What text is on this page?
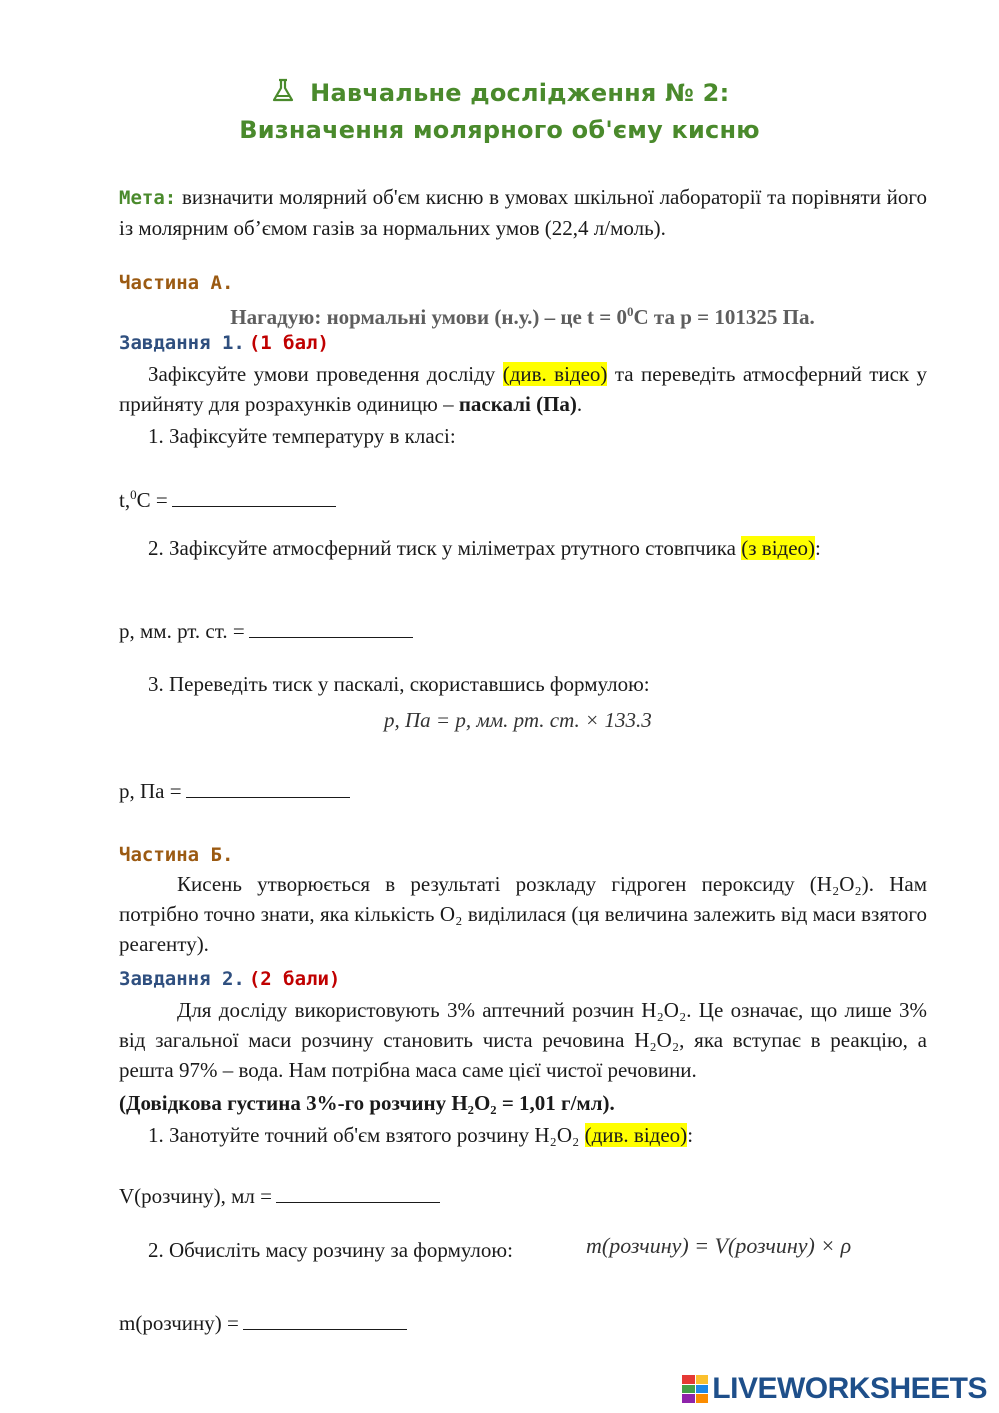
Навчальне дослідження № 2:
Визначення молярного об'єму кисню
Мета: визначити молярний об'єм кисню в умовах шкільної лабораторії та порівняти його із молярним об’ємом газів за нормальних умов (22,4 л/моль).
Частина А.
Нагадую: нормальні умови (н.у.) – це $t = 0^0C$ та p = 101325 Па.
Завдання 1. (1 бал)
Зафіксуйте умови проведення досліду (див. відео) та переведіть атмосферний тиск у прийняту для розрахунків одиницю – паскалі (Па).
1. Зафіксуйте температуру в класі:
t,$^0$C =
2. Зафіксуйте атмосферний тиск у міліметрах ртутного стовпчика (з відео):
p, мм. рт. ст. =
3. Переведіть тиск у паскалі, скориставшись формулою:
p, Па = p, мм. рт. ст. × 133.3
p, Па =
Частина Б.
Кисень утворюється в результаті розкладу гідроген пероксиду (H₂O₂). Нам потрібно точно знати, яка кількість O₂ виділилася (ця величина залежить від маси взятого реагенту).
Завдання 2. (2 бали)
Для досліду використовують 3% аптечний розчин H₂O₂. Це означає, що лише 3% від загальної маси розчину становить чиста речовина H₂O₂, яка вступає в реакцію, а решта 97% – вода. Нам потрібна маса саме цієї чистої речовини.
(Довідкова густина 3%-го розчину H₂O₂ = 1,01 г/мл).
1. Занотуйте точний об'єм взятого розчину H₂O₂ (див. відео):
V(розчину), мл =
2. Обчисліть масу розчину за формулою:	m(розчину) = V(розчину) × ρ
m(розчину) =
LIVEWORKSHEETS
